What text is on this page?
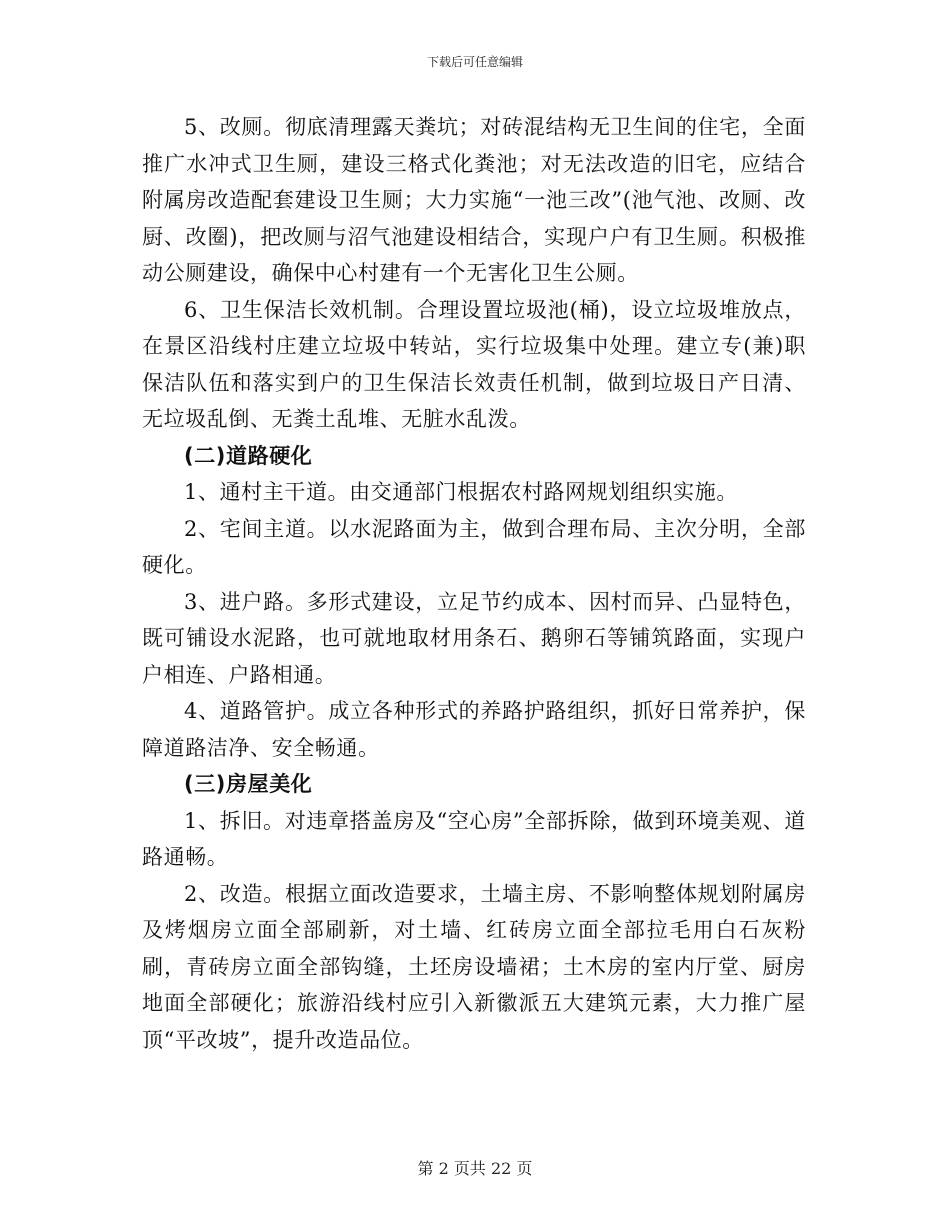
下载后可任意编辑

5、改厕。彻底清理露天粪坑；对砖混结构无卫生间的住宅，全面推广水冲式卫生厕，建设三格式化粪池；对无法改造的旧宅，应结合附属房改造配套建设卫生厕；大力实施“一池三改”(池气池、改厕、改厨、改圈)，把改厕与沼气池建设相结合，实现户户有卫生厕。积极推动公厕建设，确保中心村建有一个无害化卫生公厕。

6、卫生保洁长效机制。合理设置垃圾池(桶)，设立垃圾堆放点，在景区沿线村庄建立垃圾中转站，实行垃圾集中处理。建立专(兼)职保洁队伍和落实到户的卫生保洁长效责任机制，做到垃圾日产日清、无垃圾乱倒、无粪土乱堆、无脏水乱泼。

(二)道路硬化

1、通村主干道。由交通部门根据农村路网规划组织实施。

2、宅间主道。以水泥路面为主，做到合理布局、主次分明，全部硬化。

3、进户路。多形式建设，立足节约成本、因村而异、凸显特色，既可铺设水泥路，也可就地取材用条石、鹅卵石等铺筑路面，实现户户相连、户路相通。

4、道路管护。成立各种形式的养路护路组织，抓好日常养护，保障道路洁净、安全畅通。

(三)房屋美化

1、拆旧。对违章搭盖房及“空心房”全部拆除，做到环境美观、道路通畅。

2、改造。根据立面改造要求，土墙主房、不影响整体规划附属房及烤烟房立面全部刷新，对土墙、红砖房立面全部拉毛用白石灰粉刷，青砖房立面全部钩缝，土坯房设墙裙；土木房的室内厅堂、厨房地面全部硬化；旅游沿线村应引入新徽派五大建筑元素，大力推广屋顶“平改坡”，提升改造品位。

第 2 页共 22 页
